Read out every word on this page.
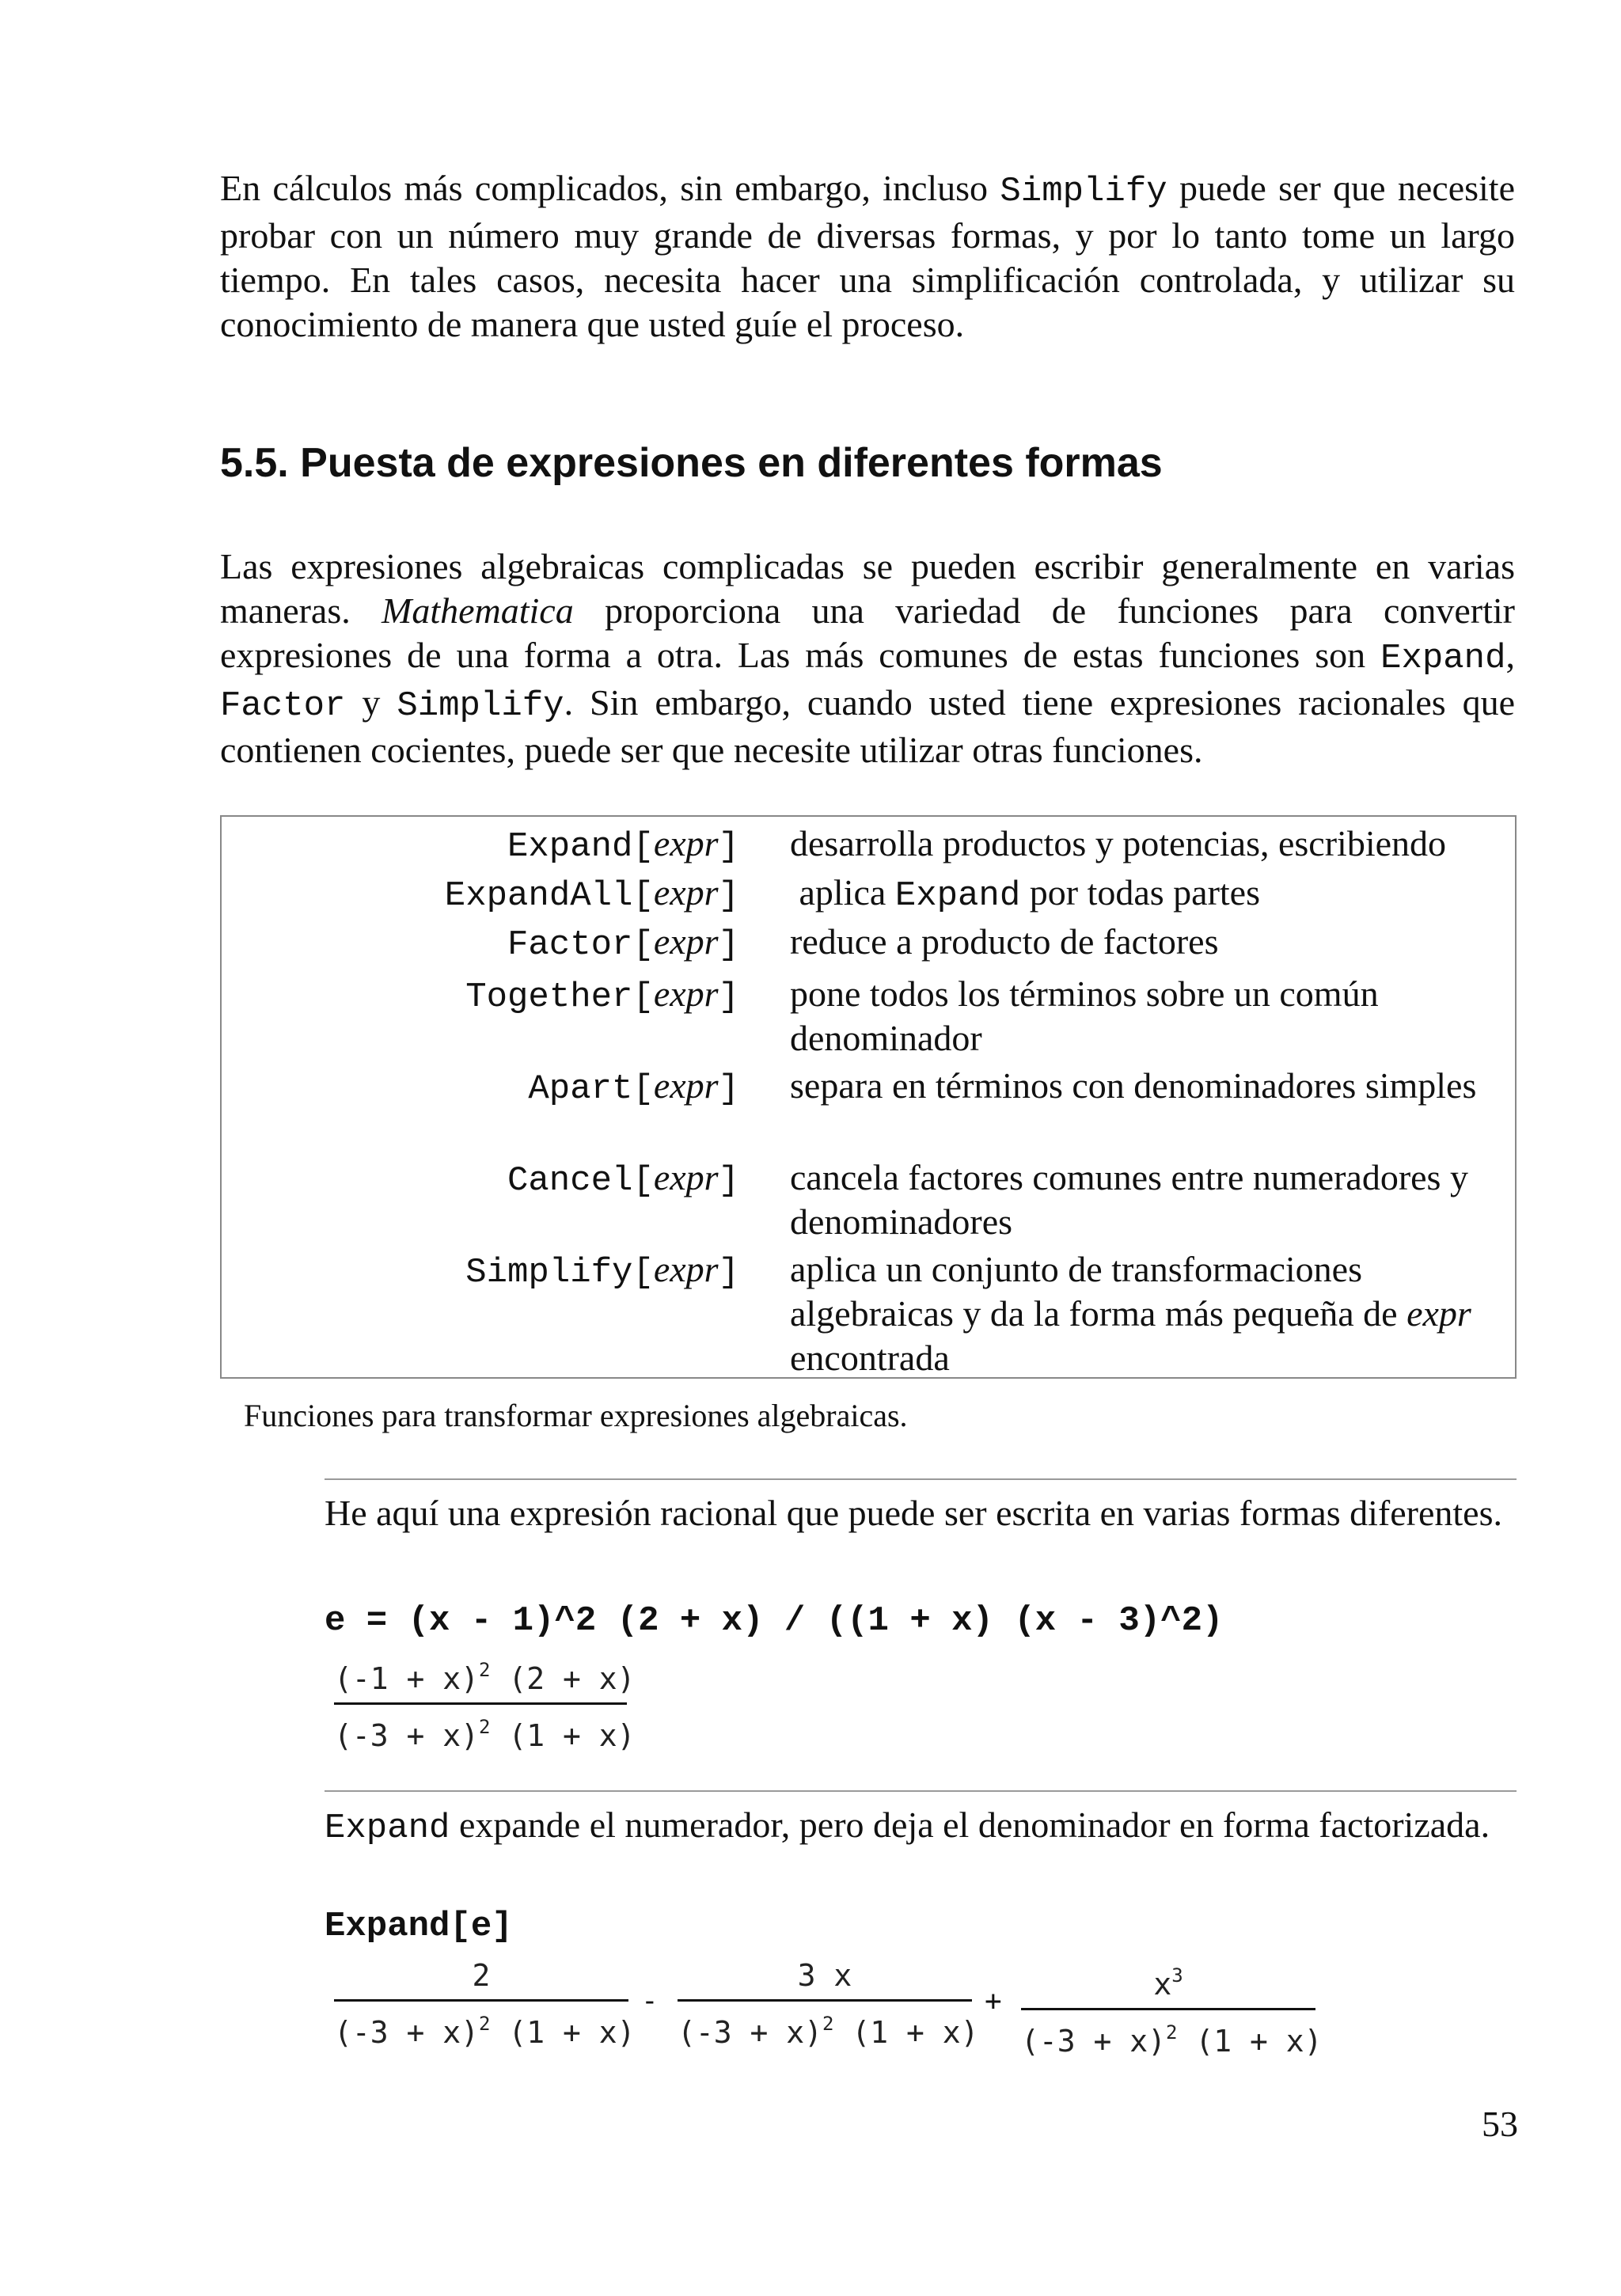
En cálculos más complicados, sin embargo, incluso Simplify puede ser que necesite probar con un número muy grande de diversas formas, y por lo tanto tome un largo tiempo. En tales casos, necesita hacer una simplificación controlada, y utilizar su conocimiento de manera que usted guíe el proceso.
5.5. Puesta de expresiones en diferentes formas
Las expresiones algebraicas complicadas se pueden escribir generalmente en varias maneras. Mathematica proporciona una variedad de funciones para convertir expresiones de una forma a otra. Las más comunes de estas funciones son Expand, Factor y Simplify. Sin embargo, cuando usted tiene expresiones racionales que contienen cocientes, puede ser que necesite utilizar otras funciones.
Expand[expr] desarrolla productos y potencias, escribiendo
ExpandAll[expr] aplica Expand por todas partes
Factor[expr] reduce a producto de factores
Together[expr] pone todos los términos sobre un común denominador
Apart[expr] separa en términos con denominadores simples
Cancel[expr] cancela factores comunes entre numeradores y denominadores
Simplify[expr] aplica un conjunto de transformaciones algebraicas y da la forma más pequeña de expr encontrada
Funciones para transformar expresiones algebraicas.
He aquí una expresión racional que puede ser escrita en varias formas diferentes.
e = (x - 1)^2 (2 + x) / ((1 + x) (x - 3)^2)
$(-1 + x)^2$ (2 + x)
$(-3 + x)^2$ (1 + x)
Expand expande el numerador, pero deja el denominador en forma factorizada.
Expand[e]
2
$(-3 + x)^2$ (1 + x)
-
3 x
$(-3 + x)^2$ (1 + x)
+	$x^3$
$(-3 + x)^2$ (1 + x)
53
